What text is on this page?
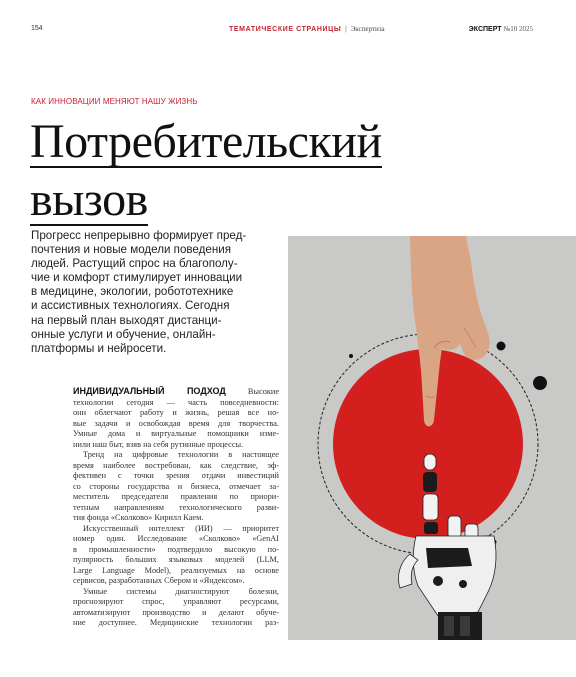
154	ТЕМАТИЧЕСКИЕ СТРАНИЦЫ | Экспертиза	ЭКСПЕРТ №10 2025
КАК ИННОВАЦИИ МЕНЯЮТ НАШУ ЖИЗНЬ
Потребительский
вызов
Прогресс непрерывно формирует пред-
почтения и новые модели поведения
людей. Растущий спрос на благополу-
чие и комфорт стимулирует инновации
в медицине, экологии, робототехнике
и ассистивных технологиях. Сегодня
на первый план выходят дистанци-
онные услуги и обучение, онлайн-
платформы и нейросети.
ИНДИВИДУАЛЬНЫЙ ПОДХОД Высокие
технологии сегодня — часть повседневности:
они облегчают работу и жизнь, решая все но-
вые задачи и освобождая время для творчества.
Умные дома и виртуальные помощники изме-
нили наш быт, взяв на себя рутинные процессы.
Тренд на цифровые технологии в настоящее
время наиболее востребован, как следствие, эф-
фективен с точки зрения отдачи инвестиций
со стороны государства и бизнеса, отмечает за-
меститель председателя правления по приори-
тетным направлениям технологического разви-
тия фонда «Сколково» Кирилл Каем.
Искусственный интеллект (ИИ) — приоритет
номер один. Исследование «Сколково» «GenAI
в промышленности» подтвердило высокую по-
пулярность больших языковых моделей (LLM,
Large Language Model), реализуемых на основе
сервисов, разработанных Сбером и «Яндексом».
Умные системы диагностируют болезни,
прогнозируют спрос, управляют ресурсами,
автоматизируют производство и делают обуче-
ние доступнее. Медицинские технологии раз-
